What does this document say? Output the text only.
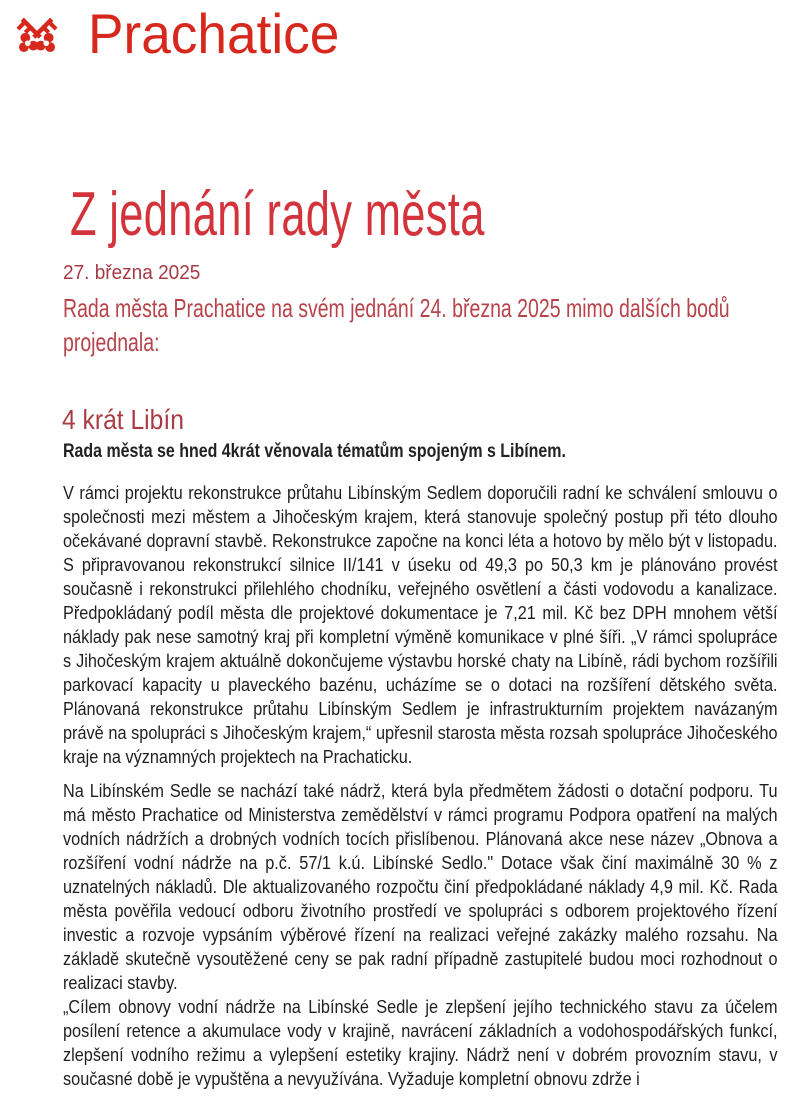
Prachatice
Z jednání rady města
27. března 2025
Rada města Prachatice na svém jednání 24. března 2025 mimo dalších bodů projednala:
4 krát Libín
Rada města se hned 4krát věnovala tématům spojeným s Libínem.

V rámci projektu rekonstrukce průtahu Libínským Sedlem doporučili radní ke schválení smlouvu o společnosti mezi městem a Jihočeským krajem, která stanovuje společný postup při této dlouho očekávané dopravní stavbě. Rekonstrukce započne na konci léta a hotovo by mělo být v listopadu. S připravovanou rekonstrukcí silnice II/141 v úseku od 49,3 po 50,3 km je plánováno provést současně i rekonstrukci přilehlého chodníku, veřejného osvětlení a části vodovodu a kanalizace. Předpokládaný podíl města dle projektové dokumentace je 7,21 mil. Kč bez DPH mnohem větší náklady pak nese samotný kraj při kompletní výměně komunikace v plné šíři. „V rámci spolupráce s Jihočeským krajem aktuálně dokončujeme výstavbu horské chaty na Libíně, rádi bychom rozšířili parkovací kapacity u plaveckého bazénu, ucházíme se o dotaci na rozšíření dětského světa. Plánovaná rekonstrukce průtahu Libínským Sedlem je infrastrukturním projektem navázaným právě na spolupráci s Jihočeským krajem,“ upřesnil starosta města rozsah spolupráce Jihočeského kraje na významných projektech na Prachaticku.

Na Libínském Sedle se nachází také nádrž, která byla předmětem žádosti o dotační podporu. Tu má město Prachatice od Ministerstva zemědělství v rámci programu Podpora opatření na malých vodních nádržích a drobných vodních tocích přislíbenou. Plánovaná akce nese název „Obnova a rozšíření vodní nádrže na p.č. 57/1 k.ú. Libínské Sedlo." Dotace však činí maximálně 30 % z uznatelných nákladů. Dle aktualizovaného rozpočtu činí předpokládané náklady 4,9 mil. Kč. Rada města pověřila vedoucí odboru životního prostředí ve spolupráci s odborem projektového řízení investic a rozvoje vypsáním výběrové řízení na realizaci veřejné zakázky malého rozsahu. Na základě skutečně vysoutěžené ceny se pak radní případně zastupitelé budou moci rozhodnout o realizaci stavby.

„Cílem obnovy vodní nádrže na Libínské Sedle je zlepšení jejího technického stavu za účelem posílení retence a akumulace vody v krajině, navrácení základních a vodohospodářských funkcí, zlepšení vodního režimu a vylepšení estetiky krajiny. Nádrž není v dobrém provozním stavu, v současné době je vypuštěna a nevyužívána. Vyžaduje kompletní obnovu zdrže i
